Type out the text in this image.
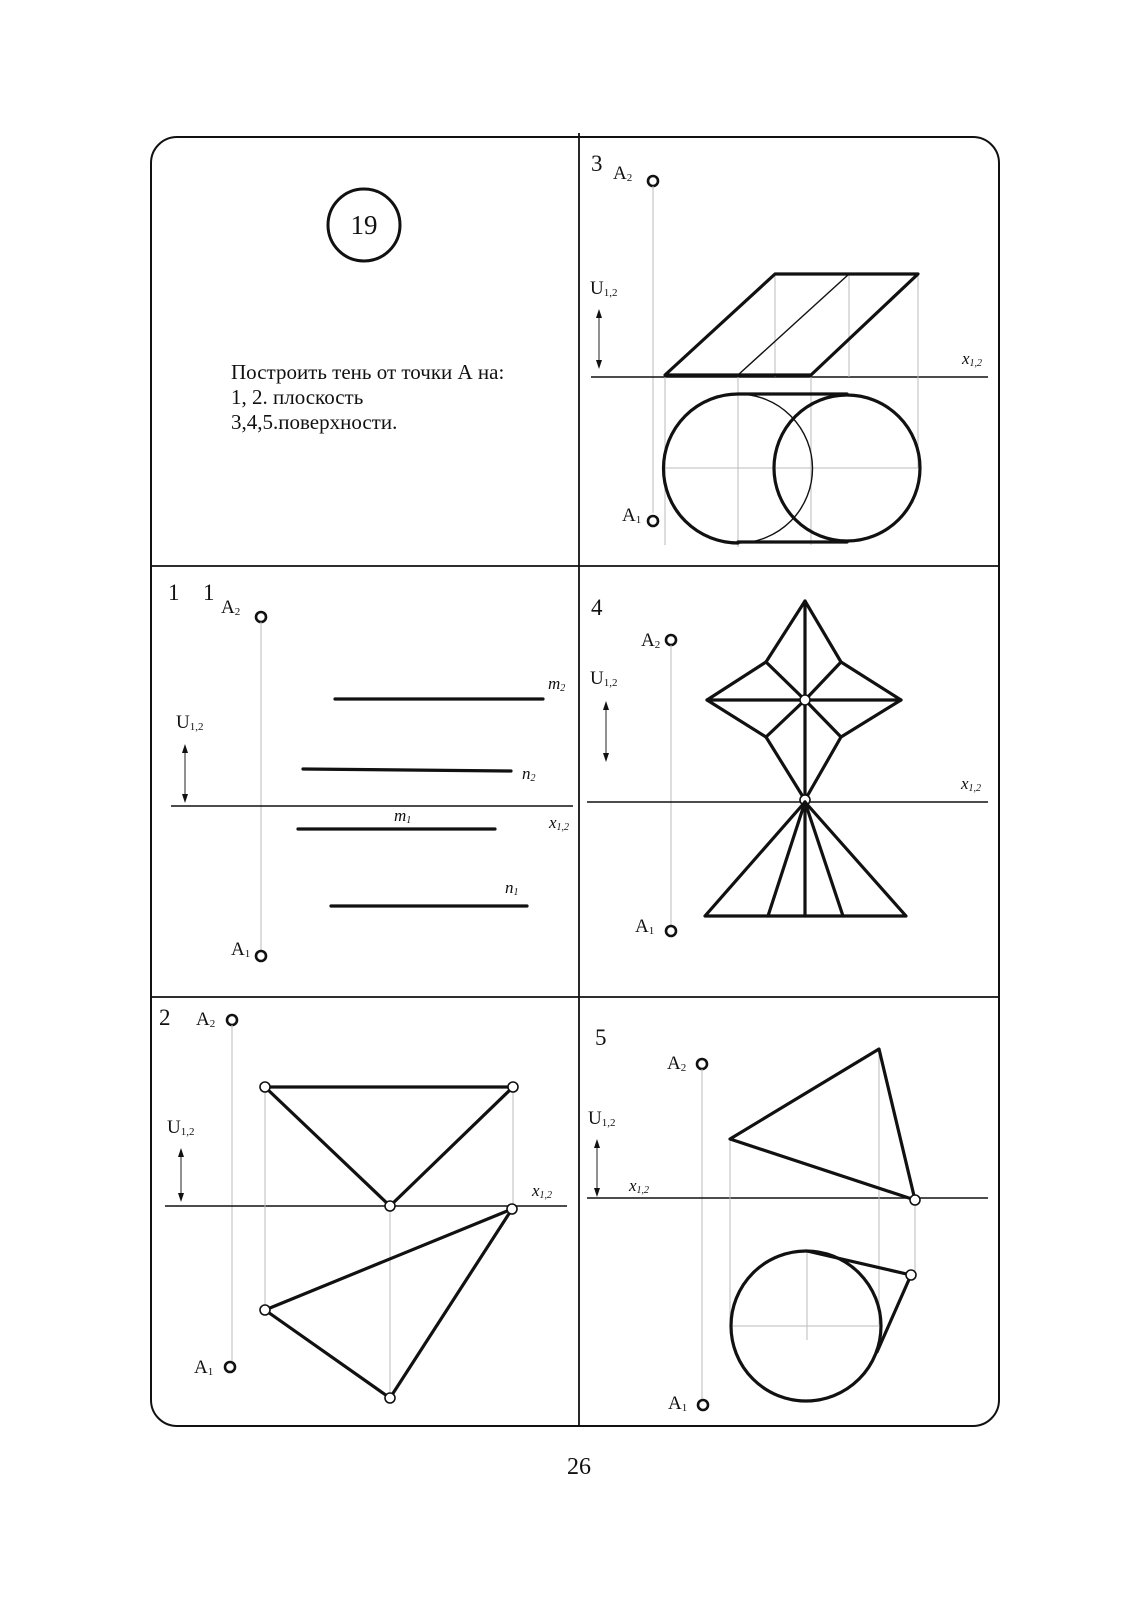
19
Построить тень от точки А на:
1, 2. плоскость
3,4,5.поверхности.
3 A2
A1
U1,2
x1,2
1 1
A2
A1
U1,2
x1,2
m2
n2
m1
n1
4
A2
A1
U1,2
x1,2
2 A2
A1
U1,2
x1,2
5
A2
A1
U1,2
x1,2
26
